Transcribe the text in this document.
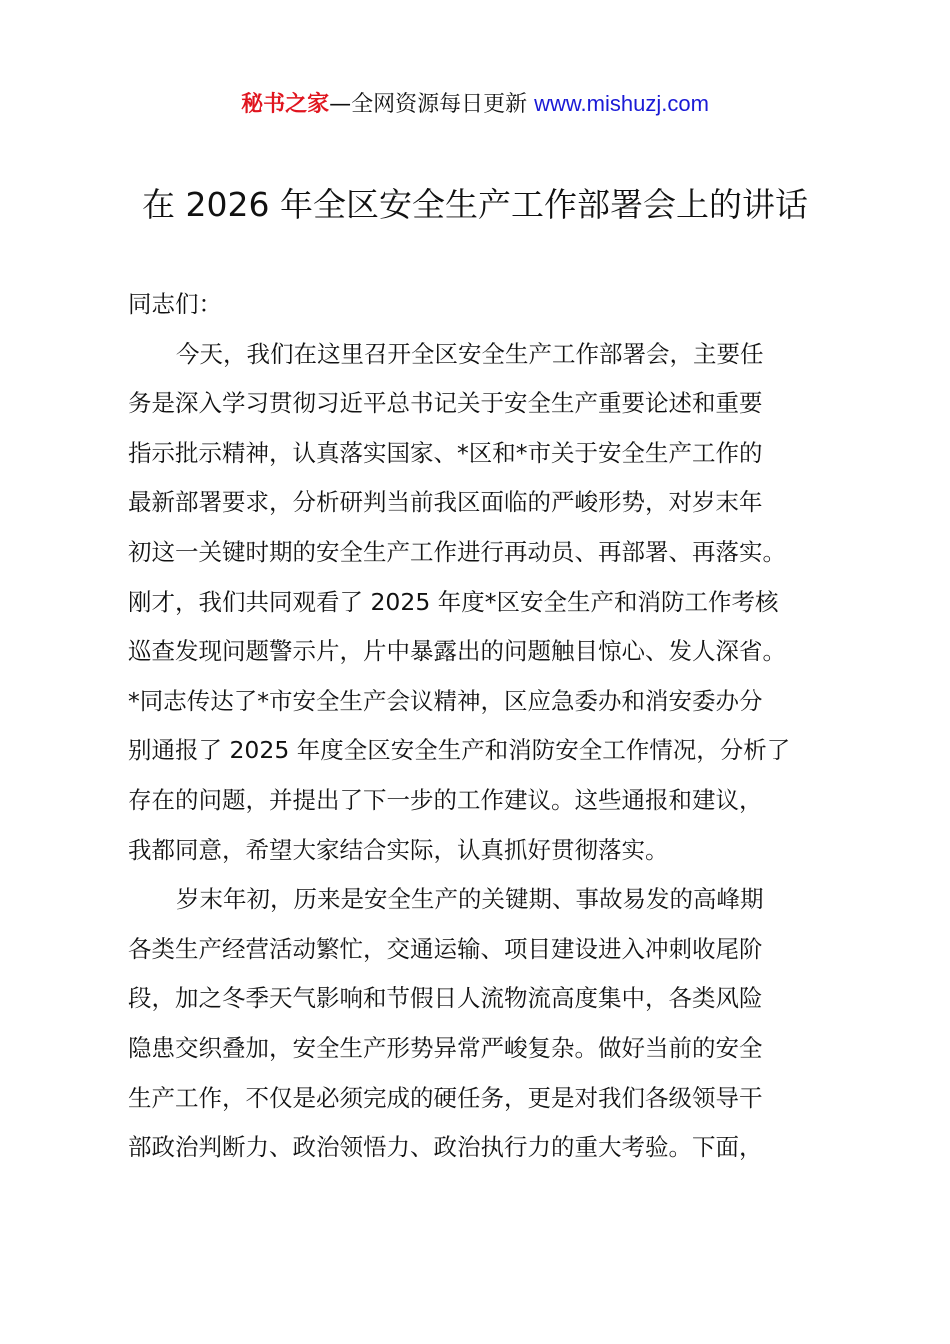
秘书之家—全网资源每日更新 www.mishuzj.com
在 2026 年全区安全生产工作部署会上的讲话
同志们：
今天，我们在这里召开全区安全生产工作部署会，主要任
务是深入学习贯彻习近平总书记关于安全生产重要论述和重要
指示批示精神，认真落实国家、*区和*市关于安全生产工作的
最新部署要求，分析研判当前我区面临的严峻形势，对岁末年
初这一关键时期的安全生产工作进行再动员、再部署、再落实。
刚才，我们共同观看了 2025 年度*区安全生产和消防工作考核
巡查发现问题警示片，片中暴露出的问题触目惊心、发人深省。
*同志传达了*市安全生产会议精神，区应急委办和消安委办分
别通报了 2025 年度全区安全生产和消防安全工作情况，分析了
存在的问题，并提出了下一步的工作建议。这些通报和建议，
我都同意，希望大家结合实际，认真抓好贯彻落实。
岁末年初，历来是安全生产的关键期、事故易发的高峰期
各类生产经营活动繁忙，交通运输、项目建设进入冲刺收尾阶
段，加之冬季天气影响和节假日人流物流高度集中，各类风险
隐患交织叠加，安全生产形势异常严峻复杂。做好当前的安全
生产工作，不仅是必须完成的硬任务，更是对我们各级领导干
部政治判断力、政治领悟力、政治执行力的重大考验。下面，
